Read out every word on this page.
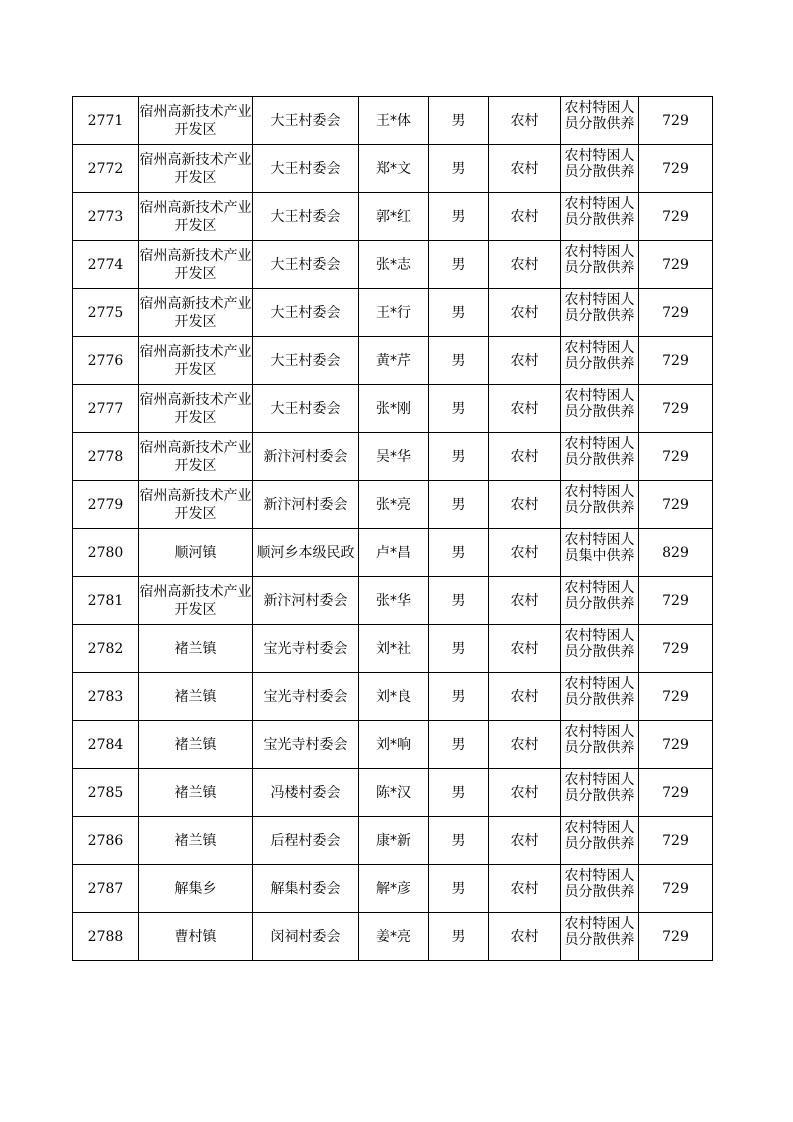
2771	宿州高新技术产业开发区	大王村委会	王*体	男	农村	农村特困人员分散供养	729
2772	宿州高新技术产业开发区	大王村委会	郑*文	男	农村	农村特困人员分散供养	729
2773	宿州高新技术产业开发区	大王村委会	郭*红	男	农村	农村特困人员分散供养	729
2774	宿州高新技术产业开发区	大王村委会	张*志	男	农村	农村特困人员分散供养	729
2775	宿州高新技术产业开发区	大王村委会	王*行	男	农村	农村特困人员分散供养	729
2776	宿州高新技术产业开发区	大王村委会	黄*芹	男	农村	农村特困人员分散供养	729
2777	宿州高新技术产业开发区	大王村委会	张*刚	男	农村	农村特困人员分散供养	729
2778	宿州高新技术产业开发区	新汴河村委会	吴*华	男	农村	农村特困人员分散供养	729
2779	宿州高新技术产业开发区	新汴河村委会	张*亮	男	农村	农村特困人员分散供养	729
2780	顺河镇	顺河乡本级民政	卢*昌	男	农村	农村特困人员集中供养	829
2781	宿州高新技术产业开发区	新汴河村委会	张*华	男	农村	农村特困人员分散供养	729
2782	褚兰镇	宝光寺村委会	刘*社	男	农村	农村特困人员分散供养	729
2783	褚兰镇	宝光寺村委会	刘*良	男	农村	农村特困人员分散供养	729
2784	褚兰镇	宝光寺村委会	刘*响	男	农村	农村特困人员分散供养	729
2785	褚兰镇	冯楼村委会	陈*汉	男	农村	农村特困人员分散供养	729
2786	褚兰镇	后程村委会	康*新	男	农村	农村特困人员分散供养	729
2787	解集乡	解集村委会	解*彦	男	农村	农村特困人员分散供养	729
2788	曹村镇	闵祠村委会	姜*亮	男	农村	农村特困人员分散供养	729
